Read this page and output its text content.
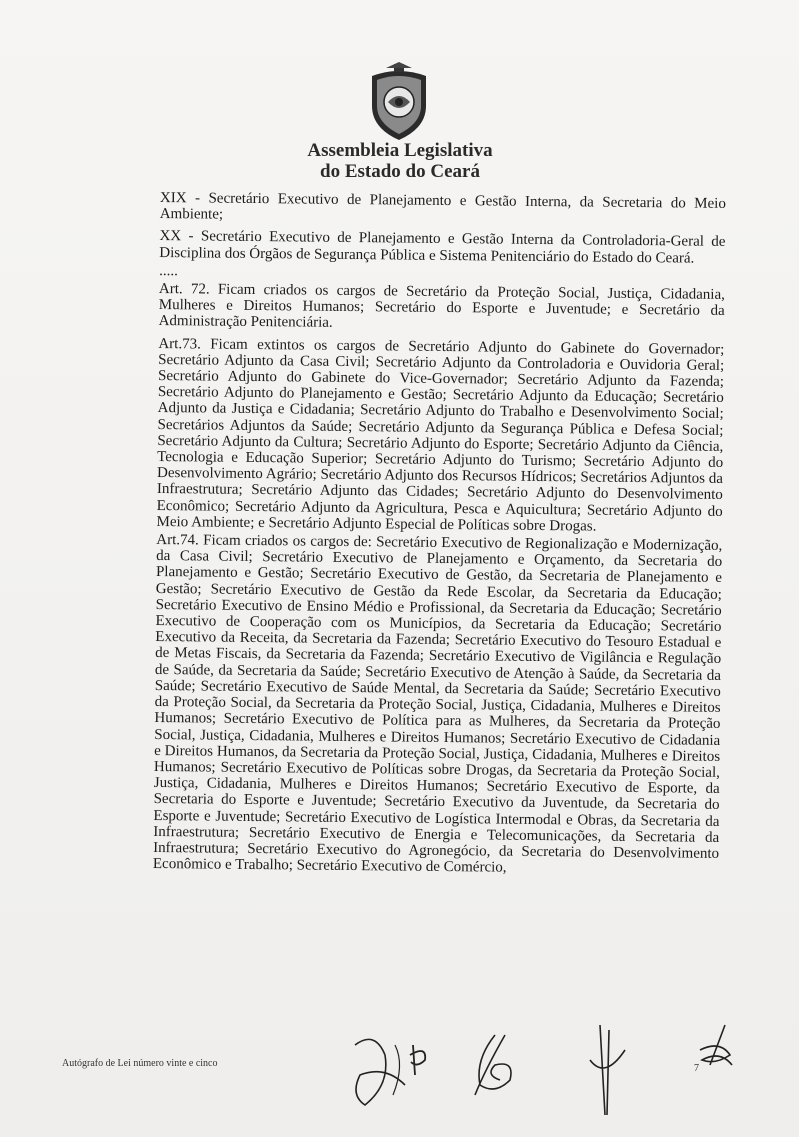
Assembleia Legislativa
do Estado do Ceará

XIX - Secretário Executivo de Planejamento e Gestão Interna, da Secretaria do Meio Ambiente;

XX - Secretário Executivo de Planejamento e Gestão Interna da Controladoria-Geral de Disciplina dos Órgãos de Segurança Pública e Sistema Penitenciário do Estado do Ceará.

.....

Art. 72. Ficam criados os cargos de Secretário da Proteção Social, Justiça, Cidadania, Mulheres e Direitos Humanos; Secretário do Esporte e Juventude; e Secretário da Administração Penitenciária.

Art.73. Ficam extintos os cargos de Secretário Adjunto do Gabinete do Governador; Secretário Adjunto da Casa Civil; Secretário Adjunto da Controladoria e Ouvidoria Geral; Secretário Adjunto do Gabinete do Vice-Governador; Secretário Adjunto da Fazenda; Secretário Adjunto do Planejamento e Gestão; Secretário Adjunto da Educação; Secretário Adjunto da Justiça e Cidadania; Secretário Adjunto do Trabalho e Desenvolvimento Social; Secretários Adjuntos da Saúde; Secretário Adjunto da Segurança Pública e Defesa Social; Secretário Adjunto da Cultura; Secretário Adjunto do Esporte; Secretário Adjunto da Ciência, Tecnologia e Educação Superior; Secretário Adjunto do Turismo; Secretário Adjunto do Desenvolvimento Agrário; Secretário Adjunto dos Recursos Hídricos; Secretários Adjuntos da Infraestrutura; Secretário Adjunto das Cidades; Secretário Adjunto do Desenvolvimento Econômico; Secretário Adjunto da Agricultura, Pesca e Aquicultura; Secretário Adjunto do Meio Ambiente; e Secretário Adjunto Especial de Políticas sobre Drogas.

Art.74. Ficam criados os cargos de: Secretário Executivo de Regionalização e Modernização, da Casa Civil; Secretário Executivo de Planejamento e Orçamento, da Secretaria do Planejamento e Gestão; Secretário Executivo de Gestão, da Secretaria de Planejamento e Gestão; Secretário Executivo de Gestão da Rede Escolar, da Secretaria da Educação; Secretário Executivo de Ensino Médio e Profissional, da Secretaria da Educação; Secretário Executivo de Cooperação com os Municípios, da Secretaria da Educação; Secretário Executivo da Receita, da Secretaria da Fazenda; Secretário Executivo do Tesouro Estadual e de Metas Fiscais, da Secretaria da Fazenda; Secretário Executivo de Vigilância e Regulação de Saúde, da Secretaria da Saúde; Secretário Executivo de Atenção à Saúde, da Secretaria da Saúde; Secretário Executivo de Saúde Mental, da Secretaria da Saúde; Secretário Executivo da Proteção Social, da Secretaria da Proteção Social, Justiça, Cidadania, Mulheres e Direitos Humanos; Secretário Executivo de Política para as Mulheres, da Secretaria da Proteção Social, Justiça, Cidadania, Mulheres e Direitos Humanos; Secretário Executivo de Cidadania e Direitos Humanos, da Secretaria da Proteção Social, Justiça, Cidadania, Mulheres e Direitos Humanos; Secretário Executivo de Políticas sobre Drogas, da Secretaria da Proteção Social, Justiça, Cidadania, Mulheres e Direitos Humanos; Secretário Executivo de Esporte, da Secretaria do Esporte e Juventude; Secretário Executivo da Juventude, da Secretaria do Esporte e Juventude; Secretário Executivo de Logística Intermodal e Obras, da Secretaria da Infraestrutura; Secretário Executivo de Energia e Telecomunicações, da Secretaria da Infraestrutura; Secretário Executivo do Agronegócio, da Secretaria do Desenvolvimento Econômico e Trabalho; Secretário Executivo de Comércio,

Autógrafo de Lei número vinte e cinco	7
